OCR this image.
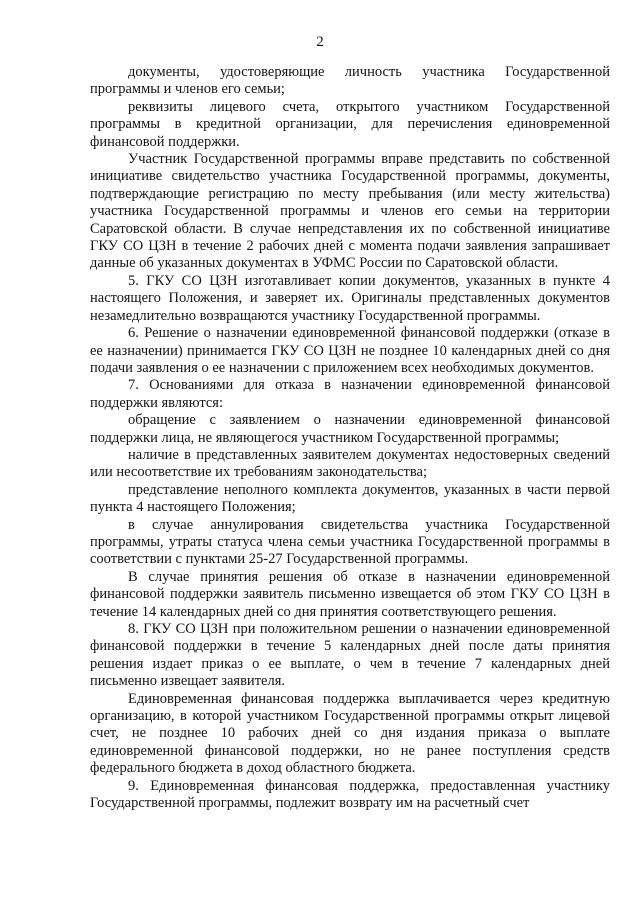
2

документы, удостоверяющие личность участника Государственной программы и членов его семьи;

реквизиты лицевого счета, открытого участником Государственной программы в кредитной организации, для перечисления единовременной финансовой поддержки.

Участник Государственной программы вправе представить по собственной инициативе свидетельство участника Государственной программы, документы, подтверждающие регистрацию по месту пребывания (или месту жительства) участника Государственной программы и членов его семьи на территории Саратовской области. В случае непредставления их по собственной инициативе ГКУ СО ЦЗН в течение 2 рабочих дней с момента подачи заявления запрашивает данные об указанных документах в УФМС России по Саратовской области.

5. ГКУ СО ЦЗН изготавливает копии документов, указанных в пункте 4 настоящего Положения, и заверяет их. Оригиналы представленных документов незамедлительно возвращаются участнику Государственной программы.

6. Решение о назначении единовременной финансовой поддержки (отказе в ее назначении) принимается ГКУ СО ЦЗН не позднее 10 календарных дней со дня подачи заявления о ее назначении с приложением всех необходимых документов.

7. Основаниями для отказа в назначении единовременной финансовой поддержки являются:

обращение с заявлением о назначении единовременной финансовой поддержки лица, не являющегося участником Государственной программы;

наличие в представленных заявителем документах недостоверных сведений или несоответствие их требованиям законодательства;

представление неполного комплекта документов, указанных в части первой пункта 4 настоящего Положения;

в случае аннулирования свидетельства участника Государственной программы, утраты статуса члена семьи участника Государственной программы в соответствии с пунктами 25-27 Государственной программы.

В случае принятия решения об отказе в назначении единовременной финансовой поддержки заявитель письменно извещается об этом ГКУ СО ЦЗН в течение 14 календарных дней со дня принятия соответствующего решения.

8. ГКУ СО ЦЗН при положительном решении о назначении единовременной финансовой поддержки в течение 5 календарных дней после даты принятия решения издает приказ о ее выплате, о чем в течение 7 календарных дней письменно извещает заявителя.

Единовременная финансовая поддержка выплачивается через кредитную организацию, в которой участником Государственной программы открыт лицевой счет, не позднее 10 рабочих дней со дня издания приказа о выплате единовременной финансовой поддержки, но не ранее поступления средств федерального бюджета в доход областного бюджета.

9. Единовременная финансовая поддержка, предоставленная участнику Государственной программы, подлежит возврату им на расчетный счет
